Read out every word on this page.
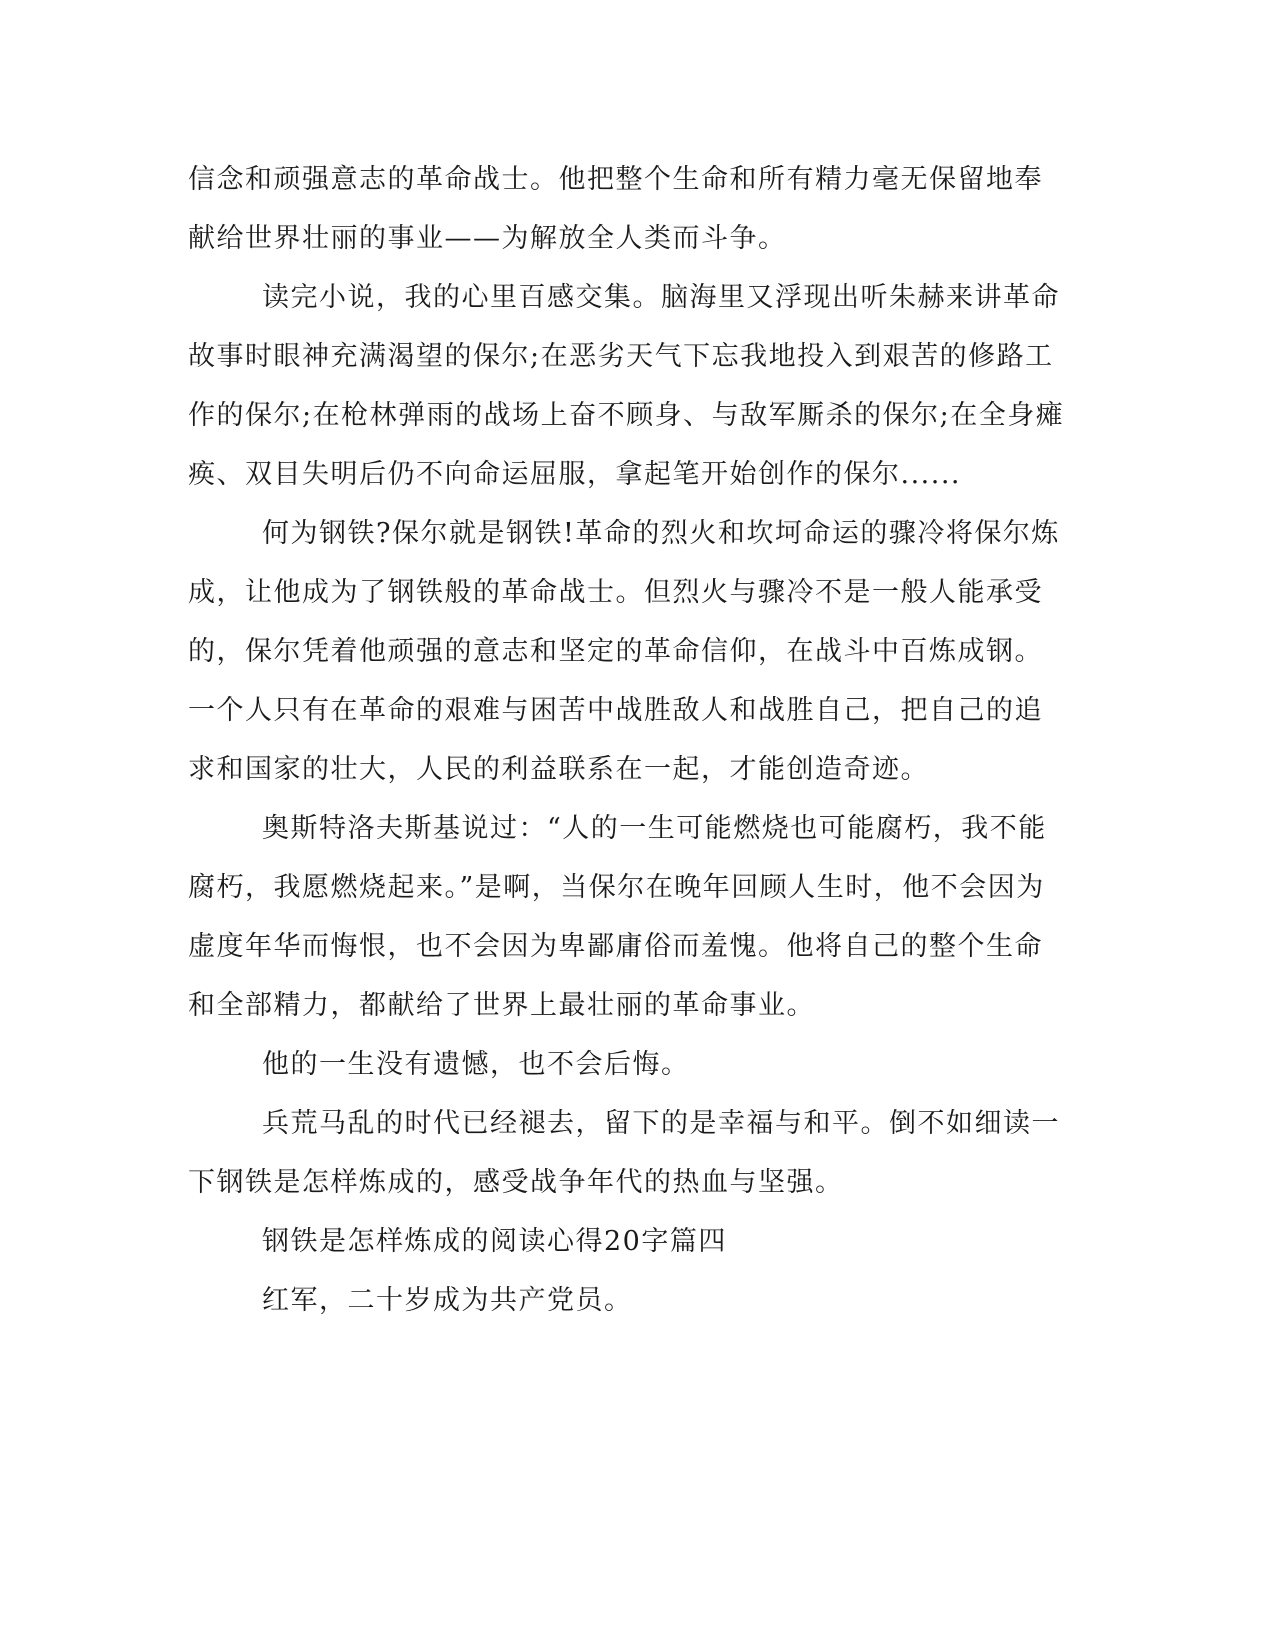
信念和顽强意志的革命战士。他把整个生命和所有精力毫无保留地奉
献给世界壮丽的事业——为解放全人类而斗争。
读完小说，我的心里百感交集。脑海里又浮现出听朱赫来讲革命
故事时眼神充满渴望的保尔;在恶劣天气下忘我地投入到艰苦的修路工
作的保尔;在枪林弹雨的战场上奋不顾身、与敌军厮杀的保尔;在全身瘫
痪、双目失明后仍不向命运屈服，拿起笔开始创作的保尔......
何为钢铁?保尔就是钢铁!革命的烈火和坎坷命运的骤冷将保尔炼
成，让他成为了钢铁般的革命战士。但烈火与骤冷不是一般人能承受
的，保尔凭着他顽强的意志和坚定的革命信仰，在战斗中百炼成钢。
一个人只有在革命的艰难与困苦中战胜敌人和战胜自己，把自己的追
求和国家的壮大，人民的利益联系在一起，才能创造奇迹。
奥斯特洛夫斯基说过：“人的一生可能燃烧也可能腐朽，我不能
腐朽，我愿燃烧起来。”是啊，当保尔在晚年回顾人生时，他不会因为
虚度年华而悔恨，也不会因为卑鄙庸俗而羞愧。他将自己的整个生命
和全部精力，都献给了世界上最壮丽的革命事业。
他的一生没有遗憾，也不会后悔。
兵荒马乱的时代已经褪去，留下的是幸福与和平。倒不如细读一
下钢铁是怎样炼成的，感受战争年代的热血与坚强。
钢铁是怎样炼成的阅读心得20字篇四
红军，二十岁成为共产党员。
